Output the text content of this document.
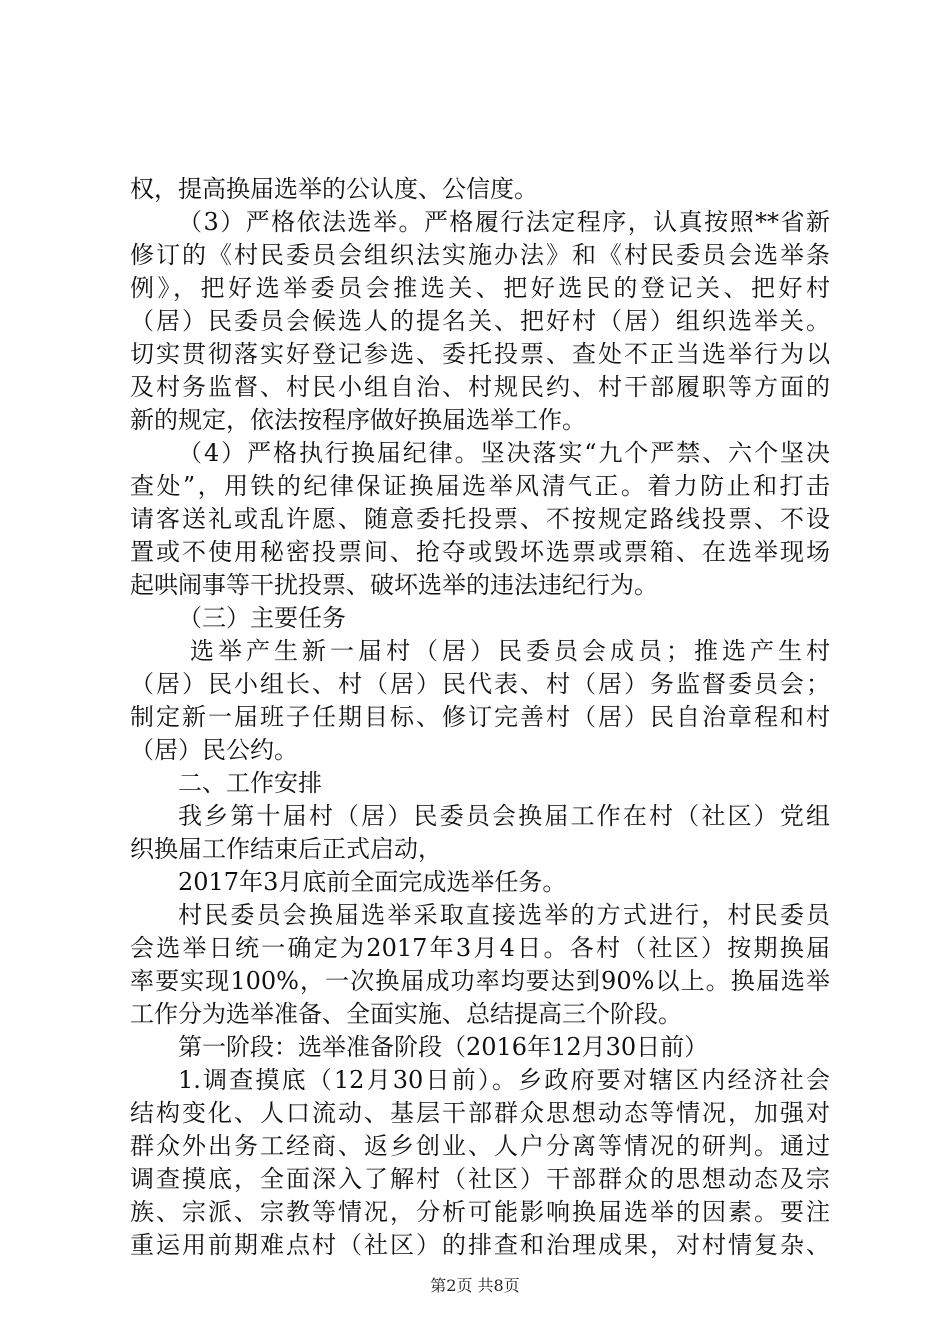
权，提高换届选举的公认度、公信度。
（3）严格依法选举。严格履行法定程序，认真按照**省新
修订的《村民委员会组织法实施办法》和《村民委员会选举条
例》，把好选举委员会推选关、把好选民的登记关、把好村
（居）民委员会候选人的提名关、把好村（居）组织选举关。
切实贯彻落实好登记参选、委托投票、查处不正当选举行为以
及村务监督、村民小组自治、村规民约、村干部履职等方面的
新的规定，依法按程序做好换届选举工作。
（4）严格执行换届纪律。坚决落实“九个严禁、六个坚决
查处”，用铁的纪律保证换届选举风清气正。着力防止和打击
请客送礼或乱许愿、随意委托投票、不按规定路线投票、不设
置或不使用秘密投票间、抢夺或毁坏选票或票箱、在选举现场
起哄闹事等干扰投票、破坏选举的违法违纪行为。
（三）主要任务
选举产生新一届村（居）民委员会成员；推选产生村
（居）民小组长、村（居）民代表、村（居）务监督委员会；
制定新一届班子任期目标、修订完善村（居）民自治章程和村
（居）民公约。
二、工作安排
我乡第十届村（居）民委员会换届工作在村（社区）党组
织换届工作结束后正式启动，
2017年3月底前全面完成选举任务。
村民委员会换届选举采取直接选举的方式进行，村民委员
会选举日统一确定为2017年3月4日。各村（社区）按期换届
率要实现100%，一次换届成功率均要达到90%以上。换届选举
工作分为选举准备、全面实施、总结提高三个阶段。
第一阶段：选举准备阶段（2016年12月30日前）
1.调查摸底（12月30日前）。乡政府要对辖区内经济社会
结构变化、人口流动、基层干部群众思想动态等情况，加强对
群众外出务工经商、返乡创业、人户分离等情况的研判。通过
调查摸底，全面深入了解村（社区）干部群众的思想动态及宗
族、宗派、宗教等情况，分析可能影响换届选举的因素。要注
重运用前期难点村（社区）的排查和治理成果，对村情复杂、
第2页 共8页
